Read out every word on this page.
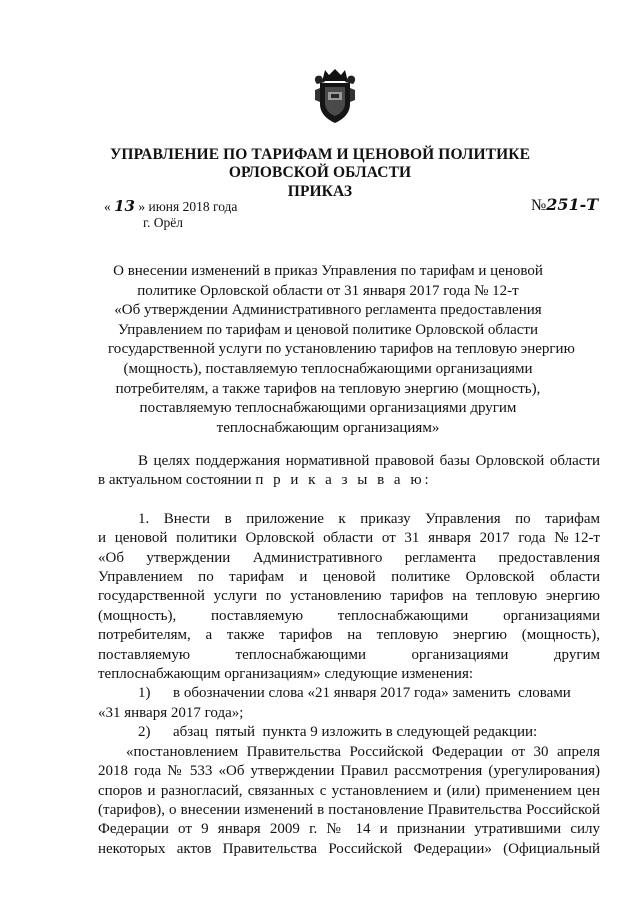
УПРАВЛЕНИЕ ПО ТАРИФАМ И ЦЕНОВОЙ ПОЛИТИКЕ
ОРЛОВСКОЙ ОБЛАСТИ
ПРИКАЗ
« 13 » июня 2018 года
г. Орёл
№251-Т
О внесении изменений в приказ Управления по тарифам и ценовой
политике Орловской области от 31 января 2017 года № 12-т
«Об утверждении Административного регламента предоставления
Управлением по тарифам и ценовой политике Орловской области
государственной услуги по установлению тарифов на тепловую энергию
(мощность), поставляемую теплоснабжающими организациями
потребителям, а также тарифов на тепловую энергию (мощность),
поставляемую теплоснабжающими организациями другим
теплоснабжающим организациям»
В целях поддержания нормативной правовой базы Орловской области
в актуальном состоянии п р и к а з ы в а ю:
1. Внести в приложение к приказу Управления по тарифам
и ценовой политики Орловской области от 31 января 2017 года №12-т
«Об утверждении Административного регламента предоставления
Управлением по тарифам и ценовой политике Орловской области
государственной услуги по установлению тарифов на тепловую энергию
(мощность), поставляемую теплоснабжающими организациями
потребителям, а также тарифов на тепловую энергию (мощность),
поставляемую теплоснабжающими организациями другим
теплоснабжающим организациям» следующие изменения:
1)      в обозначении слова «21 января 2017 года» заменить  словами
«31 января 2017 года»;
2)      абзац  пятый  пункта 9 изложить в следующей редакции:
«постановлением Правительства Российской Федерации от 30 апреля
2018 года № 533 «Об утверждении Правил рассмотрения (урегулирования)
споров и разногласий, связанных с установлением и (или) применением цен
(тарифов), о внесении изменений в постановление Правительства Российской
Федерации от 9 января 2009 г. № 14 и признании утратившими силу
некоторых актов Правительства Российской Федерации» (Официальный
